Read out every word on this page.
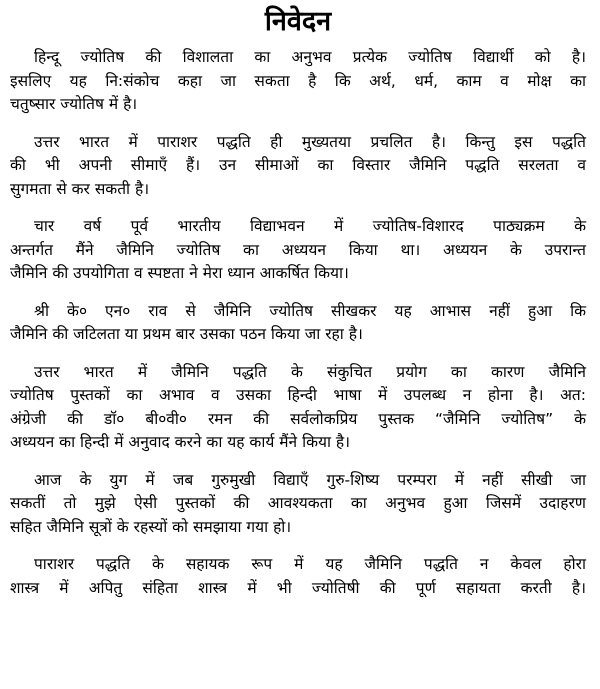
निवेदन
हिन्दू ज्योतिष की विशालता का अनुभव प्रत्येक ज्योतिष विद्यार्थी को है।
इसलिए यह नि:संकोच कहा जा सकता है कि अर्थ, धर्म, काम व मोक्ष का
चतुष्सार ज्योतिष में है।
उत्तर भारत में पाराशर पद्धति ही मुख्यतया प्रचलित है। किन्तु इस पद्धति
की भी अपनी सीमाएँ हैं। उन सीमाओं का विस्तार जैमिनि पद्धति सरलता व
सुगमता से कर सकती है।
चार वर्ष पूर्व भारतीय विद्याभवन में ज्योतिष-विशारद पाठ्यक्रम के
अन्तर्गत मैंने जैमिनि ज्योतिष का अध्ययन किया था। अध्ययन के उपरान्त
जैमिनि की उपयोगिता व स्पष्टता ने मेरा ध्यान आकर्षित किया।
श्री के० एन० राव से जैमिनि ज्योतिष सीखकर यह आभास नहीं हुआ कि
जैमिनि की जटिलता या प्रथम बार उसका पठन किया जा रहा है।
उत्तर भारत में जैमिनि पद्धति के संकुचित प्रयोग का कारण जैमिनि
ज्योतिष पुस्तकों का अभाव व उसका हिन्दी भाषा में उपलब्ध न होना है। अत:
अंग्रेजी की डॉ० बी०वी० रमन की सर्वलोकप्रिय पुस्तक “जैमिनि ज्योतिष” के
अध्ययन का हिन्दी में अनुवाद करने का यह कार्य मैंने किया है।
आज के युग में जब गुरुमुखी विद्याएँ गुरु-शिष्य परम्परा में नहीं सीखी जा
सकतीं तो मुझे ऐसी पुस्तकों की आवश्यकता का अनुभव हुआ जिसमें उदाहरण
सहित जैमिनि सूत्रों के रहस्यों को समझाया गया हो।
पाराशर पद्धति के सहायक रूप में यह जैमिनि पद्धति न केवल होरा
शास्त्र में अपितु संहिता शास्त्र में भी ज्योतिषी की पूर्ण सहायता करती है।
